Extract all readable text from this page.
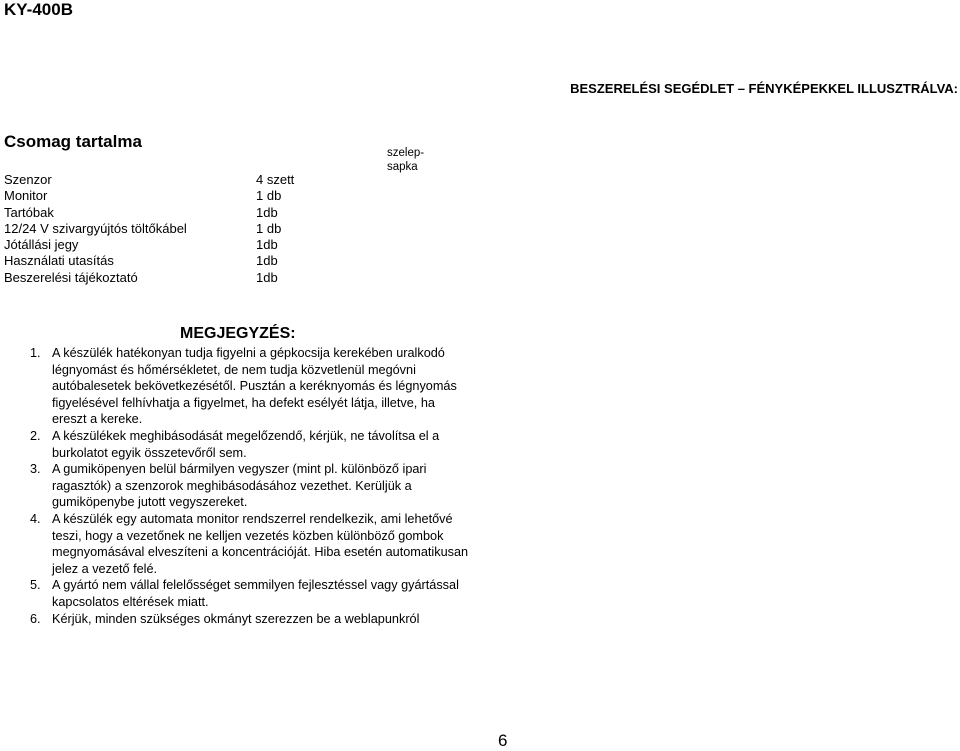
KY-400B
BESZERELÉSI SEGÉDLET – FÉNYKÉPEKKEL ILLUSZTRÁLVA:
Csomag tartalma
Szenzor	4 szett
Monitor	1 db
Tartóbak	1db
12/24 V szivargyújtós töltőkábel	1 db
Jótállási jegy	1db
Használati utasítás	1db
Beszerelési tájékoztató	1db
szelep-
sapka
MEGJEGYZÉS:
1. A készülék hatékonyan tudja figyelni a gépkocsija kerekében uralkodó légnyomást és hőmérsékletet, de nem tudja közvetlenül megóvni autóbalesetek bekövetkezésétől. Pusztán a keréknyomás és légnyomás figyelésével felhívhatja a figyelmet, ha defekt esélyét látja, illetve, ha ereszt a kereke.
2. A készülékek meghibásodását megelőzendő, kérjük, ne távolítsa el a burkolatot egyik összetevőről sem.
3. A gumiköpenyen belül bármilyen vegyszer (mint pl. különböző ipari ragasztók) a szenzorok meghibásodásához vezethet. Kerüljük a gumiköpenybe jutott vegyszereket.
4. A készülék egy automata monitor rendszerrel rendelkezik, ami lehetővé teszi, hogy a vezetőnek ne kelljen vezetés közben különböző gombok megnyomásával elveszíteni a koncentrációját. Hiba esetén automatikusan jelez a vezető felé.
5. A gyártó nem vállal felelősséget semmilyen fejlesztéssel vagy gyártással kapcsolatos eltérések miatt.
6. Kérjük, minden szükséges okmányt szerezzen be a weblapunkról
6
